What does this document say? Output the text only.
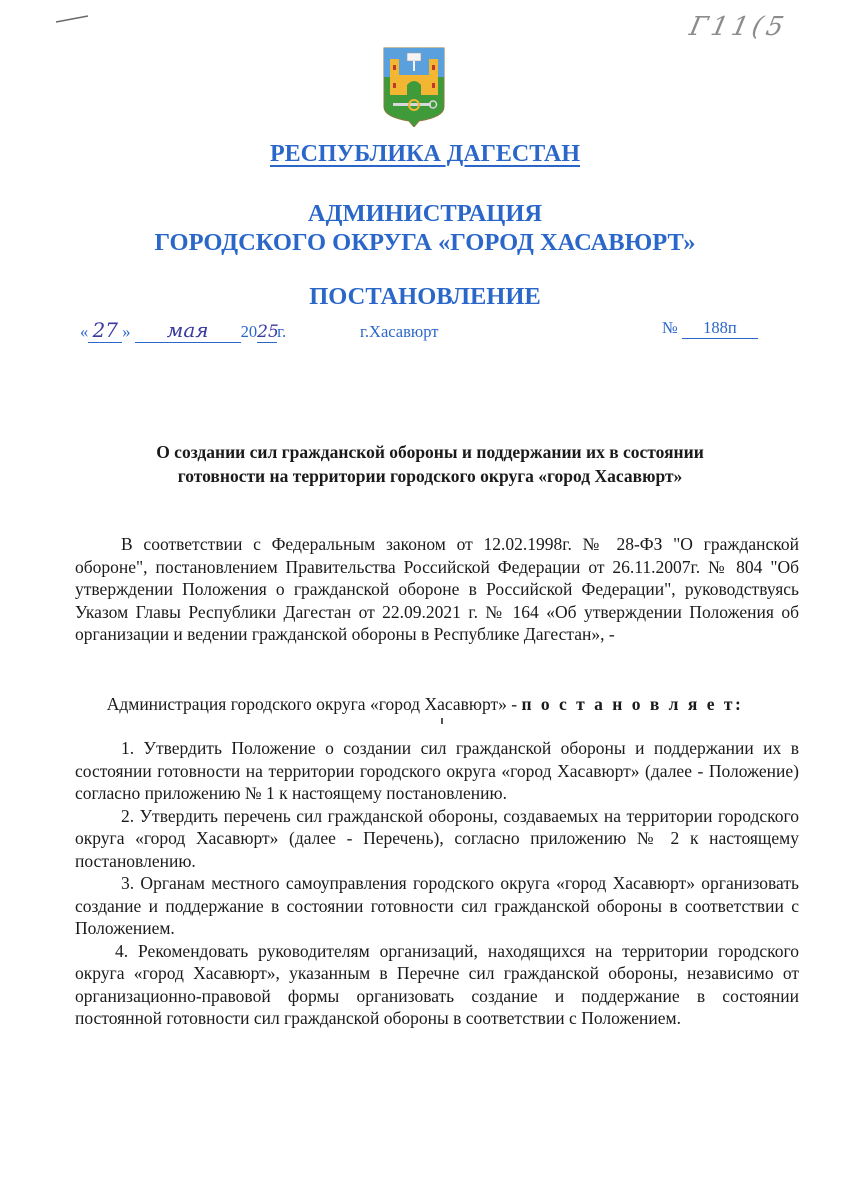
Г11(5
РЕСПУБЛИКА ДАГЕСТАН
АДМИНИСТРАЦИЯ
ГОРОДСКОГО ОКРУГА «ГОРОД ХАСАВЮРТ»
ПОСТАНОВЛЕНИЕ
« 27 » мая 2025г.	г.Хасавюрт	№ 188п
О создании сил гражданской обороны и поддержании их в состоянии
готовности на территории городского округа «город Хасавюрт»
В соответствии с Федеральным законом от 12.02.1998г. № 28-ФЗ "О гражданской обороне", постановлением Правительства Российской Федерации от 26.11.2007г. № 804 "Об утверждении Положения о гражданской обороне в Российской Федерации", руководствуясь Указом Главы Республики Дагестан от 22.09.2021 г. № 164 «Об утверждении Положения об организации и ведении гражданской обороны в Республике Дагестан», -
Администрация городского округа «город Хасавюрт» - п о с т а н о в л я е т:

1. Утвердить Положение о создании сил гражданской обороны и поддержании их в состоянии готовности на территории городского округа «город Хасавюрт» (далее - Положение) согласно приложению № 1 к настоящему постановлению.

2. Утвердить перечень сил гражданской обороны, создаваемых на территории городского округа «город Хасавюрт» (далее - Перечень), согласно приложению № 2 к настоящему постановлению.

3. Органам местного самоуправления городского округа «город Хасавюрт» организовать создание и поддержание в состоянии готовности сил гражданской обороны в соответствии с Положением.

4. Рекомендовать руководителям организаций, находящихся на территории городского округа «город Хасавюрт», указанным в Перечне сил гражданской обороны, независимо от организационно-правовой формы организовать создание и поддержание в состоянии постоянной готовности сил гражданской обороны в соответствии с Положением.
